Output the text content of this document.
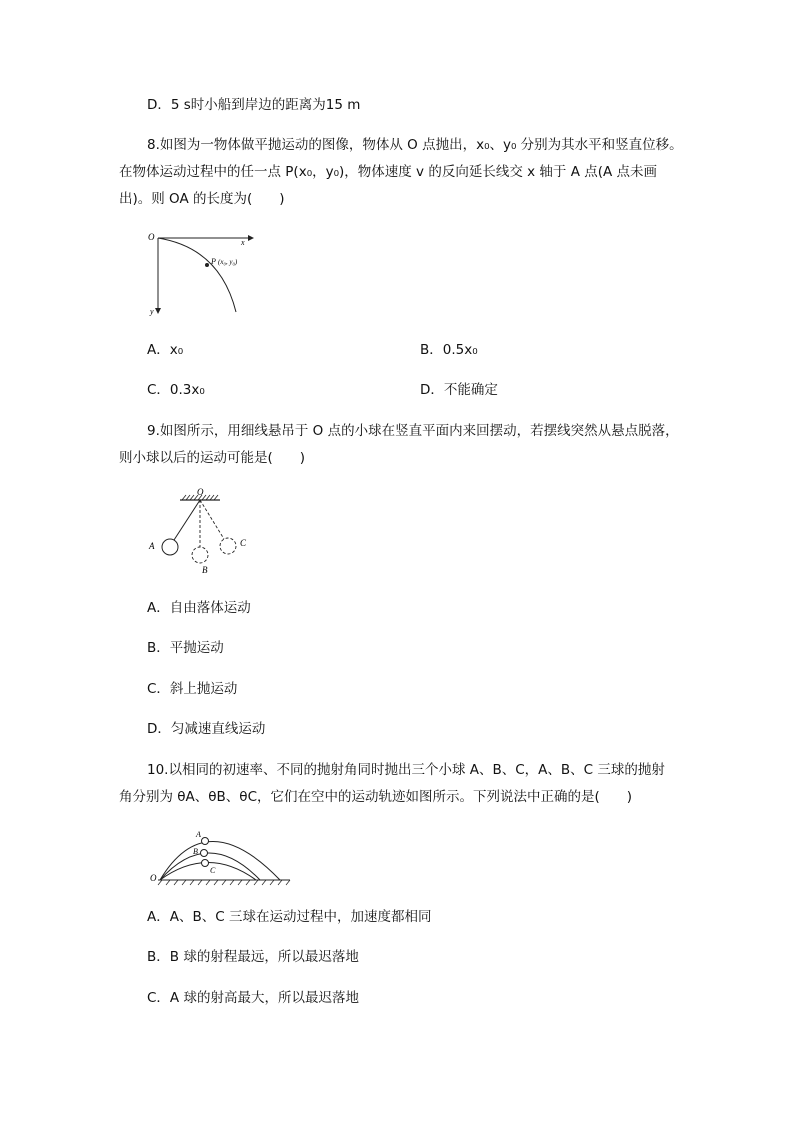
D．5 s时小船到岸边的距离为15 m
8.如图为一物体做平抛运动的图像，物体从 O 点抛出，x₀、y₀ 分别为其水平和竖直位移。
在物体运动过程中的任一点 P(x₀，y₀)，物体速度 v 的反向延长线交 x 轴于 A 点(A 点未画
出)。则 OA 的长度为(　　)
O
x
y
P (x₀, y₀)
A．x₀	B．0.5x₀
C．0.3x₀	D．不能确定
9.如图所示，用细线悬吊于 O 点的小球在竖直平面内来回摆动，若摆线突然从悬点脱落，
则小球以后的运动可能是(　　)
O
A
B
C
A．自由落体运动
B．平抛运动
C．斜上抛运动
D．匀减速直线运动
10.以相同的初速率、不同的抛射角同时抛出三个小球 A、B、C，A、B、C 三球的抛射
角分别为 θA、θB、θC，它们在空中的运动轨迹如图所示。下列说法中正确的是(　　)
O
A
B
C
A．A、B、C 三球在运动过程中，加速度都相同
B．B 球的射程最远，所以最迟落地
C．A 球的射高最大，所以最迟落地
